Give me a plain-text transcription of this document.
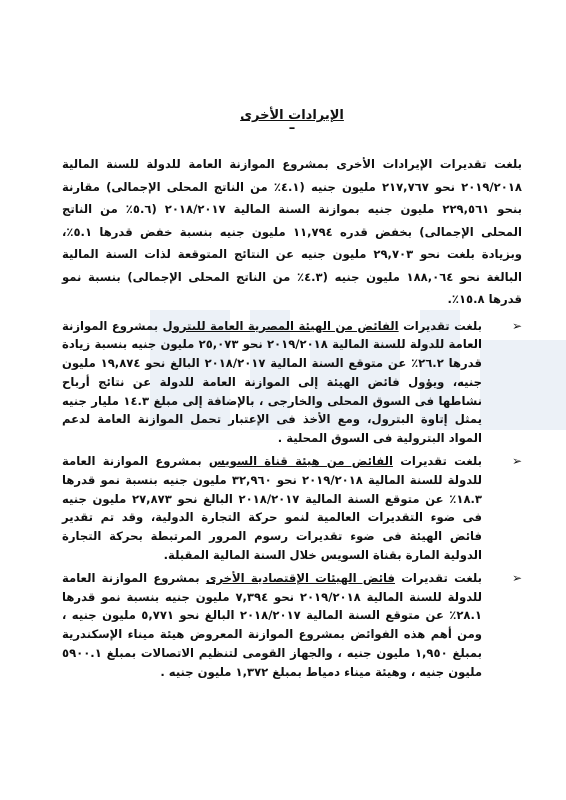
الإيرادات الأخرى
–

بلغت تقديرات الإيرادات الأخرى بمشروع الموازنة العامة للدولة للسنة المالية ٢٠١٩/٢٠١٨ نحو ٢١٧,٧٦٧ مليون جنيه (٤.١٪ من الناتج المحلى الإجمالى) مقارنة بنحو ٢٢٩,٥٦١ مليون جنيه بموازنة السنة المالية ٢٠١٨/٢٠١٧ (٥.٦٪ من الناتج المحلى الإجمالى) بخفض قدره ١١,٧٩٤ مليون جنيه بنسبة خفض قدرها ٥.١٪، وبزيادة بلغت نحو ٢٩,٧٠٣ مليون جنيه عن النتائج المتوقعة لذات السنة المالية البالغة نحو ١٨٨,٠٦٤ مليون جنيه (٤.٣٪ من الناتج المحلى الإجمالى) بنسبة نمو قدرها ١٥.٨٪.

➢
بلغت تقديرات الفائض من الهيئة المصرية العامة للبترول بمشروع الموازنة العامة للدولة للسنة المالية ٢٠١٩/٢٠١٨ نحو ٢٥,٠٧٣ مليون جنيه بنسبة زيادة قدرها ٢٦.٢٪ عن متوقع السنة المالية ٢٠١٨/٢٠١٧ البالغ نحو ١٩,٨٧٤ مليون جنيه، ويؤول فائض الهيئة إلى الموازنة العامة للدولة عن نتائج أرباح نشاطها فى السوق المحلى والخارجى ، بالإضافة إلى مبلغ ١٤.٣ مليار جنيه يمثل إتاوة البترول، ومع الأخذ فى الإعتبار تحمل الموازنة العامة لدعم المواد البترولية فى السوق المحلية .
➢
بلغت تقديرات الفائض من هيئة قناة السويس بمشروع الموازنة العامة للدولة للسنة المالية ٢٠١٩/٢٠١٨ نحو ٣٢,٩٦٠ مليون جنيه بنسبة نمو قدرها ١٨.٣٪ عن متوقع السنة المالية ٢٠١٨/٢٠١٧ البالغ نحو ٢٧,٨٧٣ مليون جنيه فى ضوء التقديرات العالمية لنمو حركة التجارة الدولية، وقد تم تقدير فائض الهيئة فى ضوء تقديرات رسوم المرور المرتبطة بحركة التجارة الدولية المارة بقناة السويس خلال السنة المالية المقبلة.
➢
بلغت تقديرات فائض الهيئات الإقتصادية الأخرى بمشروع الموازنة العامة للدولة للسنة المالية ٢٠١٩/٢٠١٨ نحو ٧,٣٩٤ مليون جنيه بنسبة نمو قدرها ٢٨.١٪ عن متوقع السنة المالية ٢٠١٨/٢٠١٧ البالغ نحو ٥,٧٧١ مليون جنيه ، ومن أهم هذه الفوائض بمشروع الموازنة المعروض هيئة ميناء الإسكندرية بمبلغ ١,٩٥٠ مليون جنيه ، والجهاز القومى لتنظيم الاتصالات بمبلغ ٥٩٠٠.١ مليون جنيه ، وهيئة ميناء دمياط بمبلغ ١,٣٧٢ مليون جنيه .
